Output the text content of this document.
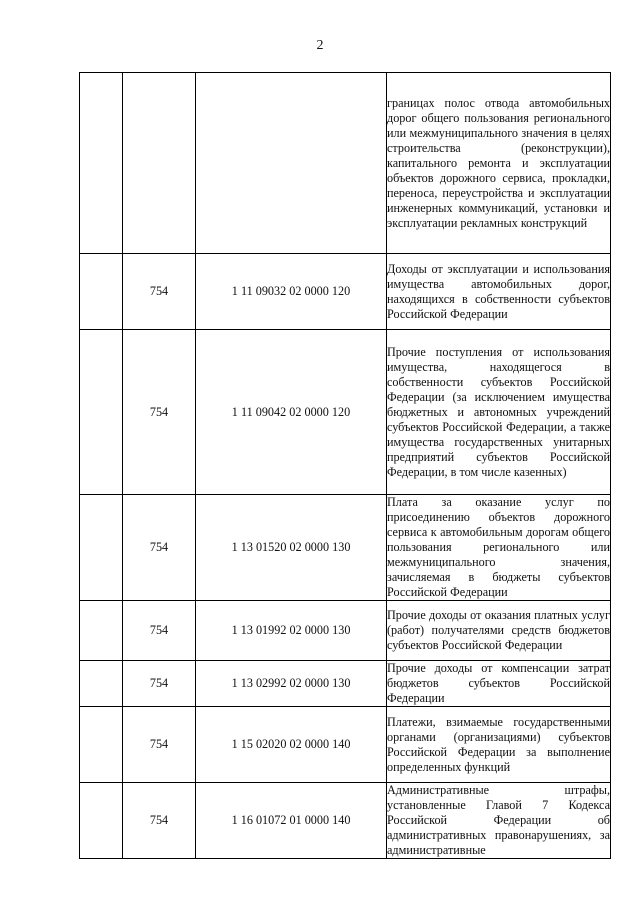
2

			границах полос отвода автомобильных дорог общего пользования регионального или межмуниципального значения в целях строительства (реконструкции), капитального ремонта и эксплуатации объектов дорожного сервиса, прокладки, переноса, переустройства и эксплуатации инженерных коммуникаций, установки и эксплуатации рекламных конструкций

	754	1 11 09032 02 0000 120	Доходы от эксплуатации и использования имущества автомобильных дорог, находящихся в собственности субъектов Российской Федерации

	754	1 11 09042 02 0000 120	Прочие поступления от использования имущества, находящегося в собственности субъектов Российской Федерации (за исключением имущества бюджетных и автономных учреждений субъектов Российской Федерации, а также имущества государственных унитарных предприятий субъектов Российской Федерации, в том числе казенных)

	754	1 13 01520 02 0000 130	Плата за оказание услуг по присоединению объектов дорожного сервиса к автомобильным дорогам общего пользования регионального или межмуниципального значения, зачисляемая в бюджеты субъектов Российской Федерации

	754	1 13 01992 02 0000 130	Прочие доходы от оказания платных услуг (работ) получателями средств бюджетов субъектов Российской Федерации

	754	1 13 02992 02 0000 130	Прочие доходы от компенсации затрат бюджетов субъектов Российской Федерации

	754	1 15 02020 02 0000 140	Платежи, взимаемые государственными органами (организациями) субъектов Российской Федерации за выполнение определенных функций

	754	1 16 01072 01 0000 140	Административные штрафы, установленные Главой 7 Кодекса Российской Федерации об административных правонарушениях, за административные
